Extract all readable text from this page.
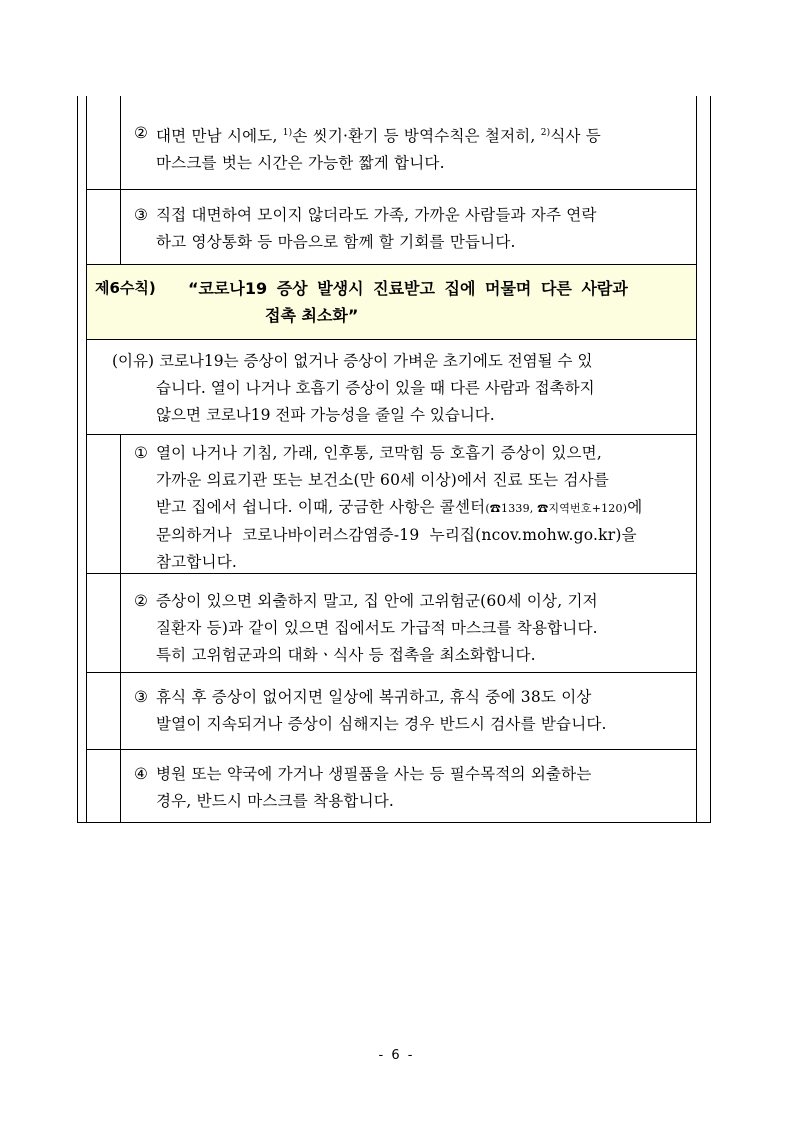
② 대면 만남 시에도, $^{1)}$손 씻기·환기 등 방역수칙은 철저히, $^{2)}$식사 등
마스크를 벗는 시간은 가능한 짧게 합니다.
③ 직접 대면하여 모이지 않더라도 가족, 가까운 사람들과 자주 연락
하고 영상통화 등 마음으로 함께 할 기회를 만듭니다.
제6수칙) “코로나19 증상 발생시 진료받고 집에 머물며 다른 사람과
접촉 최소화”
(이유) 코로나19는 증상이 없거나 증상이 가벼운 초기에도 전염될 수 있
습니다. 열이 나거나 호흡기 증상이 있을 때 다른 사람과 접촉하지
않으면 코로나19 전파 가능성을 줄일 수 있습니다.
① 열이 나거나 기침, 가래, 인후통, 코막힘 등 호흡기 증상이 있으면,
가까운 의료기관 또는 보건소(만 60세 이상)에서 진료 또는 검사를
받고 집에서 쉽니다. 이때, 궁금한 사항은 콜센터(☎1339, ☎지역번호+120)에
문의하거나  코로나바이러스감염증-19  누리집(ncov.mohw.go.kr)을
참고합니다.
② 증상이 있으면 외출하지 말고, 집 안에 고위험군(60세 이상, 기저
질환자 등)과 같이 있으면 집에서도 가급적 마스크를 착용합니다.
특히 고위험군과의 대화ㆍ식사 등 접촉을 최소화합니다.
③ 휴식 후 증상이 없어지면 일상에 복귀하고, 휴식 중에 38도 이상
발열이 지속되거나 증상이 심해지는 경우 반드시 검사를 받습니다.
④ 병원 또는 약국에 가거나 생필품을 사는 등 필수목적의 외출하는
경우, 반드시 마스크를 착용합니다.
- 6 -
